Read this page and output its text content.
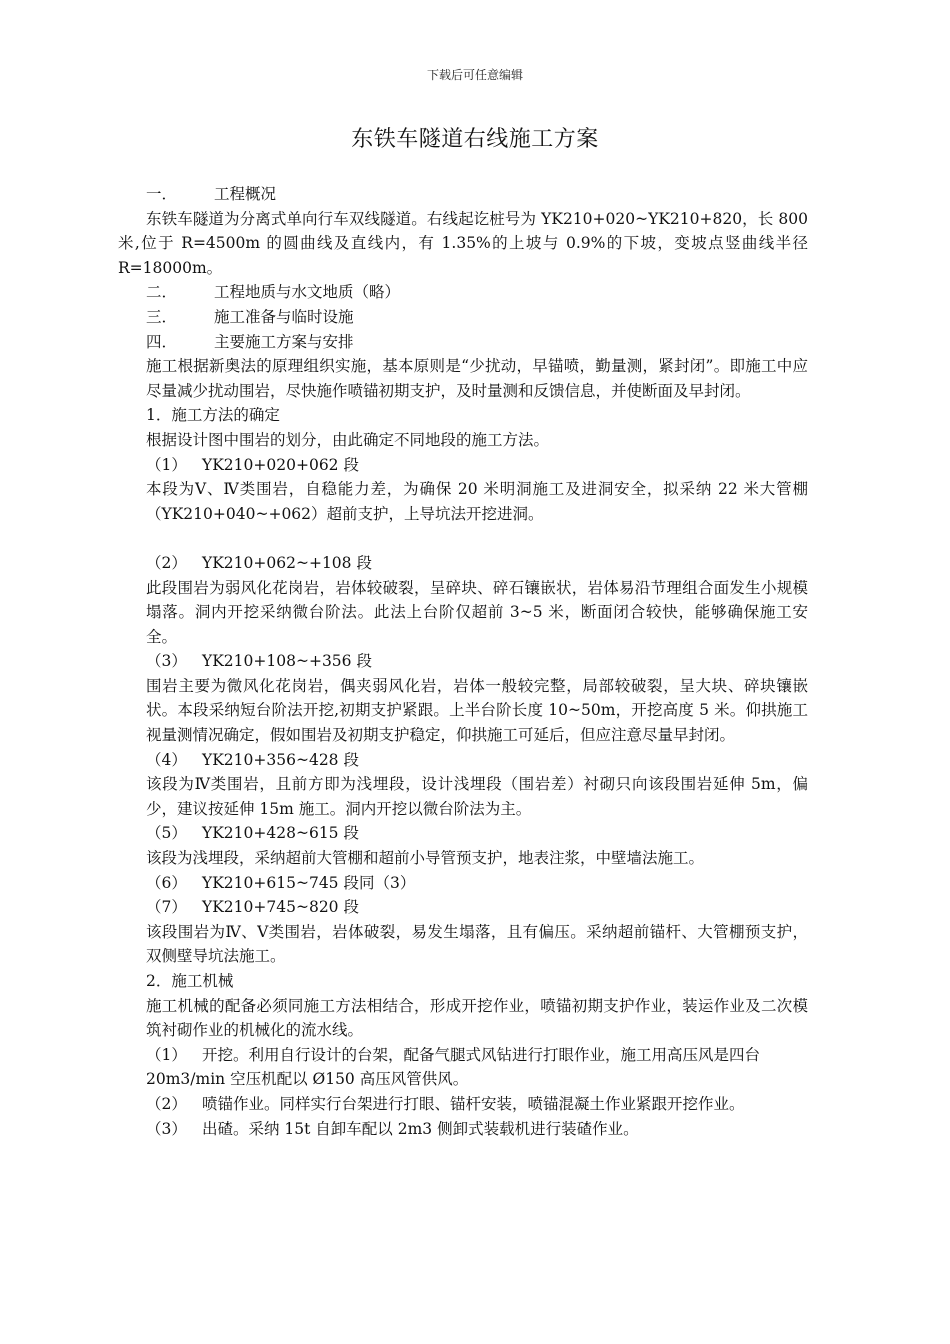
下载后可任意编辑
东铁车隧道右线施工方案
一． 工程概况
东铁车隧道为分离式单向行车双线隧道。右线起讫桩号为 YK210+020~YK210+820，长 800 米,位于 R=4500m 的圆曲线及直线内，有 1.35%的上坡与 0.9%的下坡，变坡点竖曲线半径 R=18000m。
二． 工程地质与水文地质（略）
三． 施工准备与临时设施
四． 主要施工方案与安排
施工根据新奥法的原理组织实施，基本原则是“少扰动，早锚喷，勤量测，紧封闭”。即施工中应尽量减少扰动围岩，尽快施作喷锚初期支护，及时量测和反馈信息，并使断面及早封闭。
1．施工方法的确定
根据设计图中围岩的划分，由此确定不同地段的施工方法。
（1） YK210+020+062 段
本段为Ⅴ、Ⅳ类围岩，自稳能力差，为确保 20 米明洞施工及进洞安全，拟采纳 22 米大管棚（YK210+040~+062）超前支护，上导坑法开挖进洞。
（2） YK210+062~+108 段
此段围岩为弱风化花岗岩，岩体较破裂，呈碎块、碎石镶嵌状，岩体易沿节理组合面发生小规模塌落。洞内开挖采纳微台阶法。此法上台阶仅超前 3~5 米，断面闭合较快，能够确保施工安全。
（3） YK210+108~+356 段
围岩主要为微风化花岗岩，偶夹弱风化岩，岩体一般较完整，局部较破裂，呈大块、碎块镶嵌状。本段采纳短台阶法开挖,初期支护紧跟。上半台阶长度 10~50m，开挖高度 5 米。仰拱施工视量测情况确定，假如围岩及初期支护稳定，仰拱施工可延后，但应注意尽量早封闭。
（4） YK210+356~428 段
该段为Ⅳ类围岩，且前方即为浅埋段，设计浅埋段（围岩差）衬砌只向该段围岩延伸 5m，偏少，建议按延伸 15m 施工。洞内开挖以微台阶法为主。
（5） YK210+428~615 段
该段为浅埋段，采纳超前大管棚和超前小导管预支护，地表注浆，中壁墙法施工。
（6） YK210+615~745 段同（3）
（7） YK210+745~820 段
该段围岩为Ⅳ、Ⅴ类围岩，岩体破裂，易发生塌落，且有偏压。采纳超前锚杆、大管棚预支护，双侧壁导坑法施工。
2．施工机械
施工机械的配备必须同施工方法相结合，形成开挖作业，喷锚初期支护作业，装运作业及二次模筑衬砌作业的机械化的流水线。
（1） 开挖。利用自行设计的台架，配备气腿式风钻进行打眼作业，施工用高压风是四台
20m3/min 空压机配以 Ø150 高压风管供风。
（2） 喷锚作业。同样实行台架进行打眼、锚杆安装，喷锚混凝土作业紧跟开挖作业。
（3） 出碴。采纳 15t 自卸车配以 2m3 侧卸式装载机进行装碴作业。
